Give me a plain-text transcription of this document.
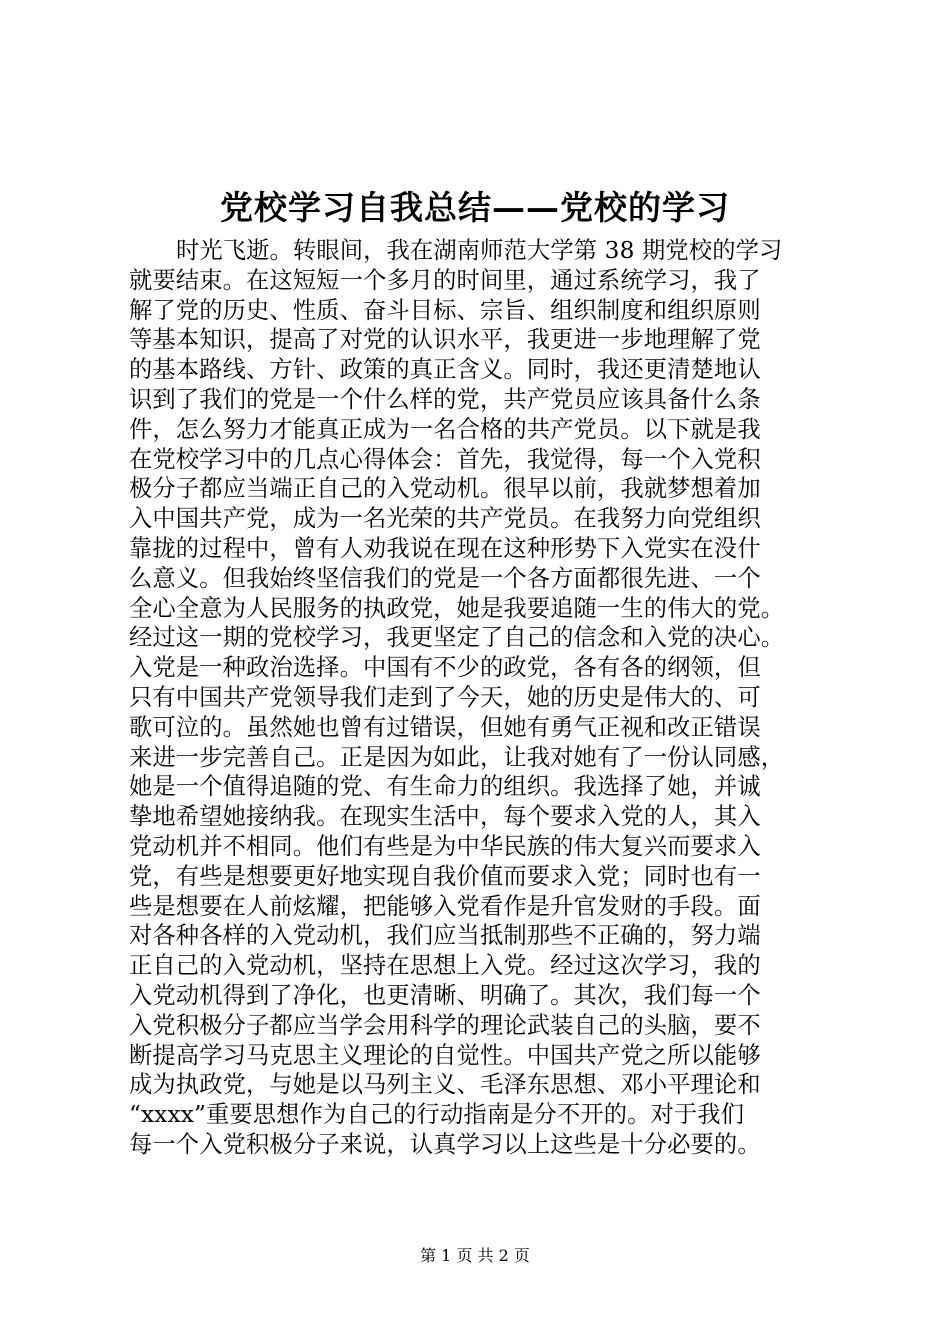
党校学习自我总结——党校的学习
时光飞逝。转眼间，我在湖南师范大学第 38 期党校的学习
就要结束。在这短短一个多月的时间里，通过系统学习，我了
解了党的历史、性质、奋斗目标、宗旨、组织制度和组织原则
等基本知识，提高了对党的认识水平，我更进一步地理解了党
的基本路线、方针、政策的真正含义。同时，我还更清楚地认
识到了我们的党是一个什么样的党，共产党员应该具备什么条
件，怎么努力才能真正成为一名合格的共产党员。以下就是我
在党校学习中的几点心得体会：首先，我觉得，每一个入党积
极分子都应当端正自己的入党动机。很早以前，我就梦想着加
入中国共产党，成为一名光荣的共产党员。在我努力向党组织
靠拢的过程中，曾有人劝我说在现在这种形势下入党实在没什
么意义。但我始终坚信我们的党是一个各方面都很先进、一个
全心全意为人民服务的执政党，她是我要追随一生的伟大的党。
经过这一期的党校学习，我更坚定了自己的信念和入党的决心。
入党是一种政治选择。中国有不少的政党，各有各的纲领，但
只有中国共产党领导我们走到了今天，她的历史是伟大的、可
歌可泣的。虽然她也曾有过错误，但她有勇气正视和改正错误
来进一步完善自己。正是因为如此，让我对她有了一份认同感，
她是一个值得追随的党、有生命力的组织。我选择了她，并诚
挚地希望她接纳我。在现实生活中，每个要求入党的人，其入
党动机并不相同。他们有些是为中华民族的伟大复兴而要求入
党，有些是想要更好地实现自我价值而要求入党；同时也有一
些是想要在人前炫耀，把能够入党看作是升官发财的手段。面
对各种各样的入党动机，我们应当抵制那些不正确的，努力端
正自己的入党动机，坚持在思想上入党。经过这次学习，我的
入党动机得到了净化，也更清晰、明确了。其次，我们每一个
入党积极分子都应当学会用科学的理论武装自己的头脑，要不
断提高学习马克思主义理论的自觉性。中国共产党之所以能够
成为执政党，与她是以马列主义、毛泽东思想、邓小平理论和
“xxxx”重要思想作为自己的行动指南是分不开的。对于我们
每一个入党积极分子来说，认真学习以上这些是十分必要的。
第 1 页 共 2 页
